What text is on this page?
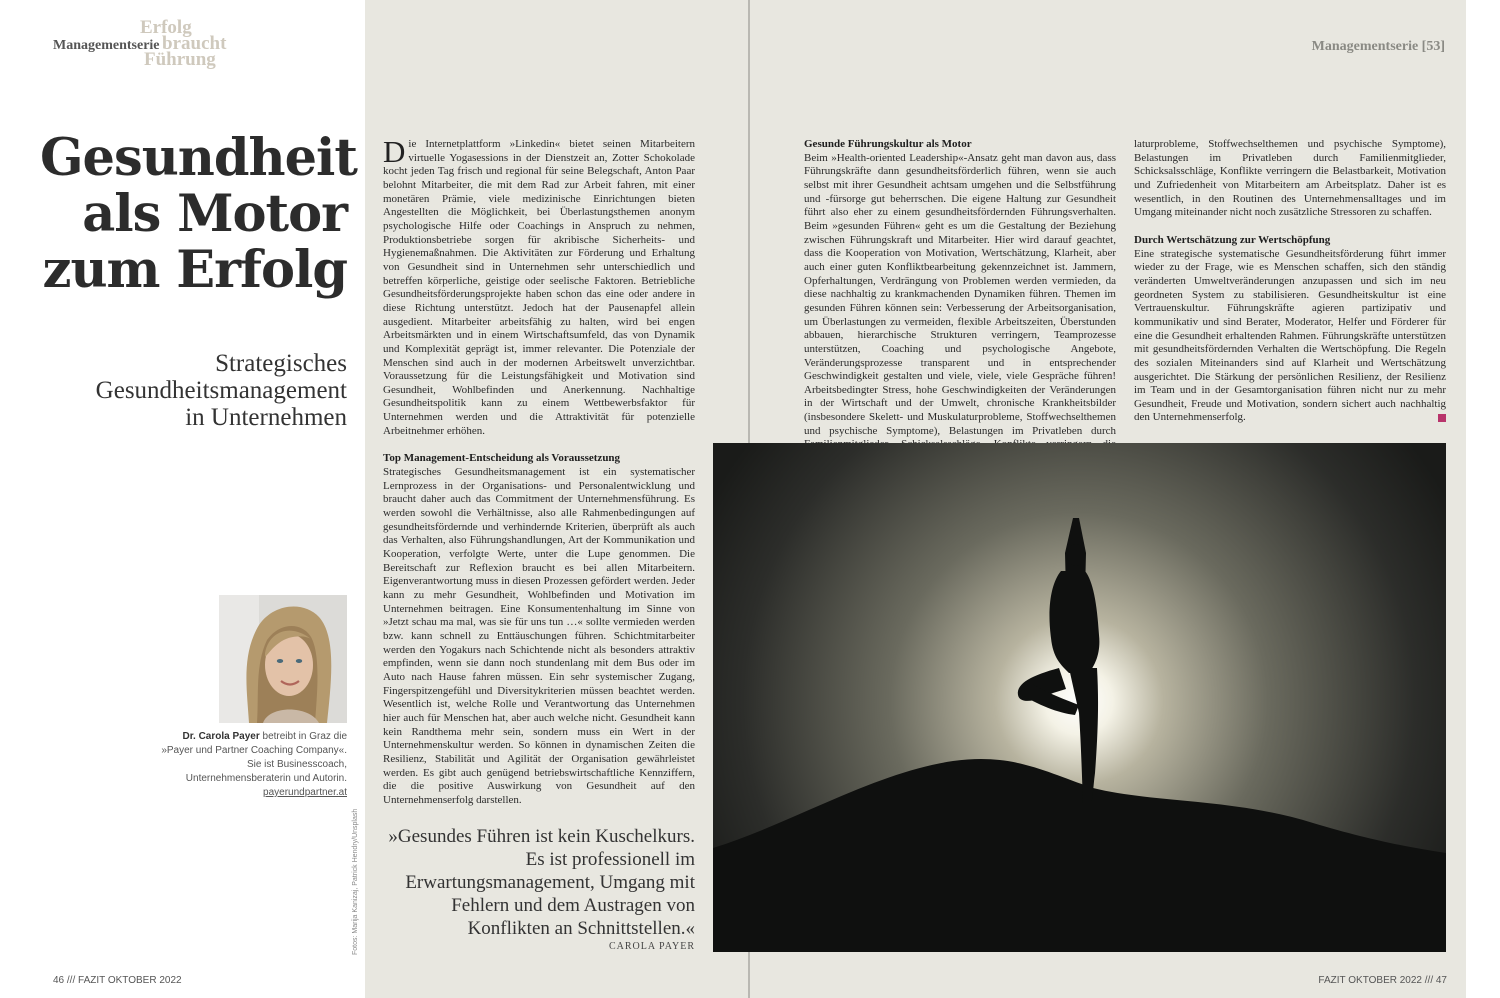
Managementserie
Erfolg
braucht
Führung
Managementserie [53]
Gesundheit
als Motor
zum Erfolg
Strategisches
Gesundheitsmanagement
in Unternehmen
Dr. Carola Payer betreibt in Graz die »Payer und Partner Coaching Company«. Sie ist Businesscoach, Unternehmensberaterin und Autorin. payerundpartner.at
Fotos: Marija Kanizaj, Patrick Hendry/Unsplash

Die Internetplattform »Linkedin« bietet seinen Mitarbeitern virtuelle Yogasessions in der Dienstzeit an, Zotter Schokolade kocht jeden Tag frisch und regional für seine Belegschaft, Anton Paar belohnt Mitarbeiter, die mit dem Rad zur Arbeit fahren, mit einer monetären Prämie, viele medizinische Einrichtungen bieten Angestellten die Möglichkeit, bei Überlastungsthemen anonym psychologische Hilfe oder Coachings in Anspruch zu nehmen, Produktionsbetriebe sorgen für akribische Sicherheits- und Hygienemaßnahmen. Die Aktivitäten zur Förderung und Erhaltung von Gesundheit sind in Unternehmen sehr unterschiedlich und betreffen körperliche, geistige oder seelische Faktoren. Betriebliche Gesundheitsförderungsprojekte haben schon das eine oder andere in diese Richtung unterstützt. Jedoch hat der Pausenapfel allein ausgedient. Mitarbeiter arbeitsfähig zu halten, wird bei engen Arbeitsmärkten und in einem Wirtschaftsumfeld, das von Dynamik und Komplexität geprägt ist, immer relevanter. Die Potenziale der Menschen sind auch in der modernen Arbeitswelt unverzichtbar. Voraussetzung für die Leistungsfähigkeit und Motivation sind Gesundheit, Wohlbefinden und Anerkennung. Nachhaltige Gesundheitspolitik kann zu einem Wettbewerbsfaktor für Unternehmen werden und die Attraktivität für potenzielle Arbeitnehmer erhöhen.

Top Management-Entscheidung als Voraussetzung

Strategisches Gesundheitsmanagement ist ein systematischer Lernprozess in der Organisations- und Personalentwicklung und braucht daher auch das Commitment der Unternehmensführung. Es werden sowohl die Verhältnisse, also alle Rahmenbedingungen auf gesundheitsfördernde und verhindernde Kriterien, überprüft als auch das Verhalten, also Führungshandlungen, Art der Kommunikation und Kooperation, verfolgte Werte, unter die Lupe genommen. Die Bereitschaft zur Reflexion braucht es bei allen Mitarbeitern. Eigenverantwortung muss in diesen Prozessen gefördert werden. Jeder kann zu mehr Gesundheit, Wohlbefinden und Motivation im Unternehmen beitragen. Eine Konsumentenhaltung im Sinne von »Jetzt schau ma mal, was sie für uns tun …« sollte vermieden werden bzw. kann schnell zu Enttäuschungen führen. Schichtmitarbeiter werden den Yogakurs nach Schichtende nicht als besonders attraktiv empfinden, wenn sie dann noch stundenlang mit dem Bus oder im Auto nach Hause fahren müssen. Ein sehr systemischer Zugang, Fingerspitzengefühl und Diversitykriterien müssen beachtet werden. Wesentlich ist, welche Rolle und Verantwortung das Unternehmen hier auch für Menschen hat, aber auch welche nicht. Gesundheit kann kein Randthema mehr sein, sondern muss ein Wert in der Unternehmenskultur werden. So können in dynamischen Zeiten die Resilienz, Stabilität und Agilität der Organisation gewährleistet werden. Es gibt auch genügend betriebswirtschaftliche Kennziffern, die die positive Auswirkung von Gesundheit auf den Unternehmenserfolg darstellen.

»Gesundes Führen ist kein Kuschelkurs. Es ist professionell im Erwartungsmanagement, Umgang mit Fehlern und dem Austragen von Konflikten an Schnittstellen.«
CAROLA PAYER
Gesunde Führungskultur als Motor

Beim »Health-oriented Leadership«-Ansatz geht man davon aus, dass Führungskräfte dann gesundheitsförderlich führen, wenn sie auch selbst mit ihrer Gesundheit achtsam umgehen und die Selbstführung und -fürsorge gut beherrschen. Die eigene Haltung zur Gesundheit führt also eher zu einem gesundheitsfördernden Führungsverhalten. Beim »gesunden Führen« geht es um die Gestaltung der Beziehung zwischen Führungskraft und Mitarbeiter. Hier wird darauf geachtet, dass die Kooperation von Motivation, Wertschätzung, Klarheit, aber auch einer guten Konfliktbearbeitung gekennzeichnet ist. Jammern, Opferhaltungen, Verdrängung von Problemen werden vermieden, da diese nachhaltig zu krankmachenden Dynamiken führen. Themen im gesunden Führen können sein: Verbesserung der Arbeitsorganisation, um Überlastungen zu vermeiden, flexible Arbeitszeiten, Überstunden abbauen, hierarchische Strukturen verringern, Teamprozesse unterstützen, Coaching und psychologische Angebote, Veränderungsprozesse transparent und in entsprechender Geschwindigkeit gestalten und viele, viele, viele Gespräche führen! Arbeitsbedingter Stress, hohe Geschwindigkeiten der Veränderungen in der Wirtschaft und der Umwelt, chronische Krankheitsbilder (insbesondere Skelett- und Muskulaturprobleme, Stoffwechselthemen und psychische Symptome), Belastungen im Privatleben durch

laturprobleme, Stoffwechselthemen und psychische Symptome), Belastungen im Privatleben durch Familienmitglieder, Schicksalsschläge, Konflikte verringern die Belastbarkeit, Motivation und Zufriedenheit von Mitarbeitern am Arbeitsplatz. Daher ist es wesentlich, in den Routinen des Unternehmensalltages und im Umgang miteinander nicht noch zusätzliche Stressoren zu schaffen.

Durch Wertschätzung zur Wertschöpfung

Eine strategische systematische Gesundheitsförderung führt immer wieder zu der Frage, wie es Menschen schaffen, sich den ständig veränderten Umweltveränderungen anzupassen und sich im neu geordneten System zu stabilisieren. Gesundheitskultur ist eine Vertrauenskultur. Führungskräfte agieren partizipativ und kommunikativ und sind Berater, Moderator, Helfer und Förderer für eine die Gesundheit erhaltenden Rahmen. Führungskräfte unterstützen mit gesundheitsfördernden Verhalten die Wertschöpfung. Die Regeln des sozialen Miteinanders sind auf Klarheit und Wertschätzung ausgerichtet. Die Stärkung der persönlichen Resilienz, der Resilienz im Team und in der Gesamtorganisation führen nicht nur zu mehr Gesundheit, Freude und Motivation, sondern sichert auch nachhaltig den Unternehmenserfolg.

46 /// FAZIT OKTOBER 2022	FAZIT OKTOBER 2022 /// 47
